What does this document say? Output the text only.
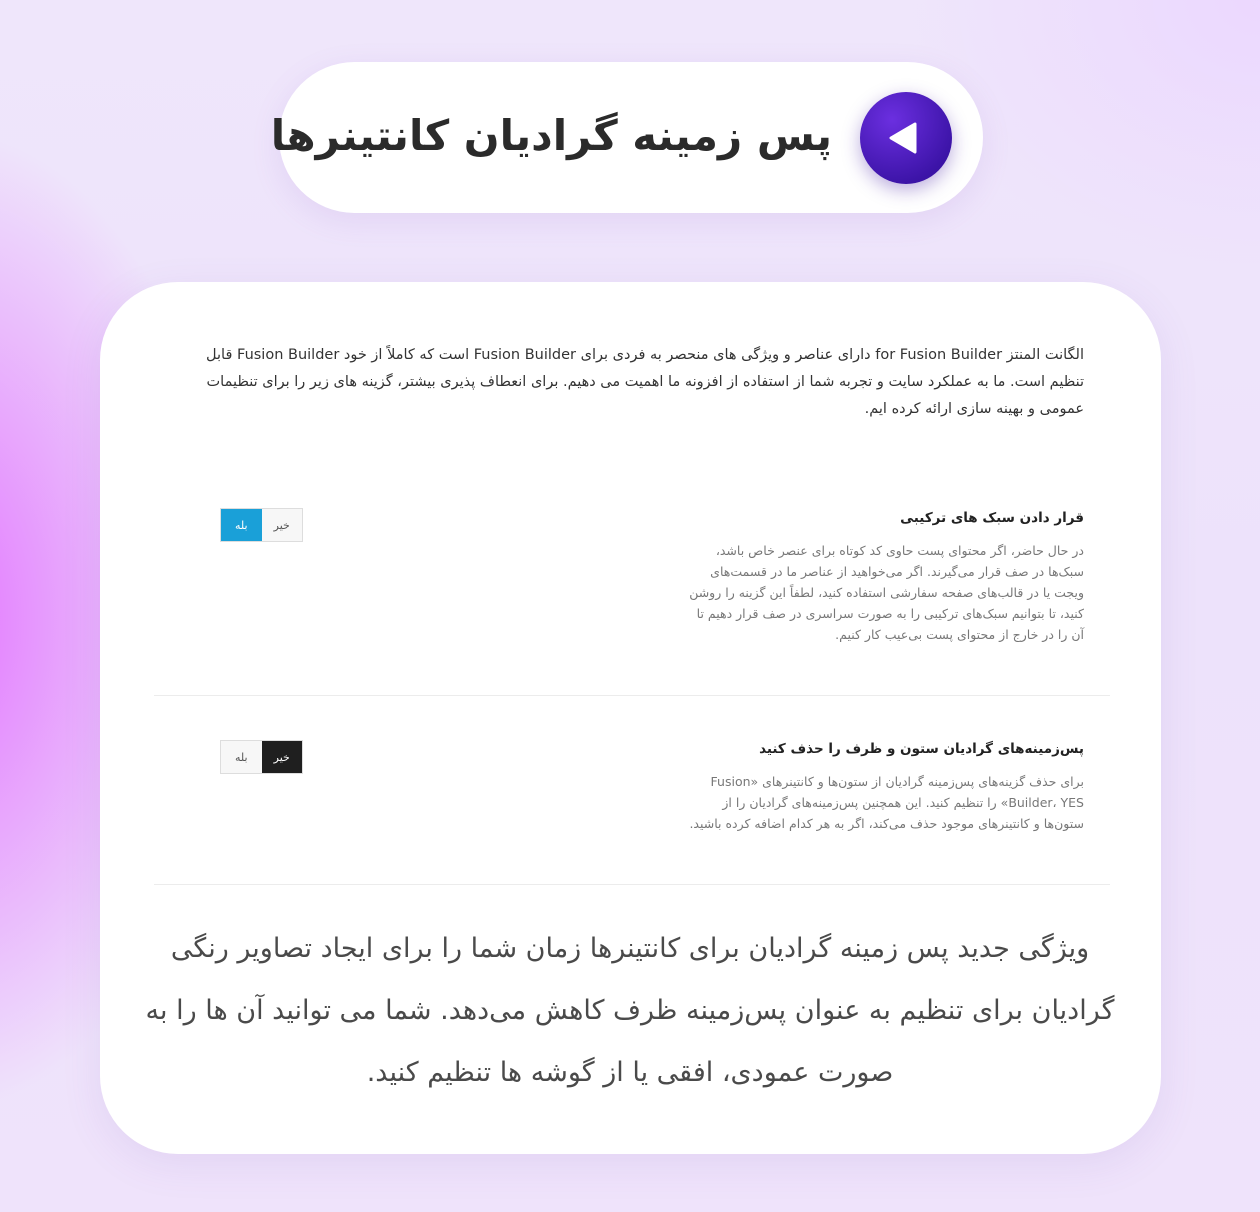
پس زمینه گرادیان کانتینرها
الگانت المنتز for Fusion Builder دارای عناصر و ویژگی های منحصر به فردی برای Fusion Builder است که کاملاً از خود Fusion Builder قابل تنظیم است. ما به عملکرد سایت و تجربه شما از استفاده از افزونه ما اهمیت می دهیم. برای انعطاف پذیری بیشتر، گزینه های زیر را برای تنظیمات عمومی و بهینه سازی ارائه کرده ایم.
قرار دادن سبک های ترکیبی
در حال حاضر، اگر محتوای پست حاوی کد کوتاه برای عنصر خاص باشد، سبک‌ها در صف قرار می‌گیرند. اگر می‌خواهید از عناصر ما در قسمت‌های ویجت یا در قالب‌های صفحه سفارشی استفاده کنید، لطفاً این گزینه را روشن کنید، تا بتوانیم سبک‌های ترکیبی را به صورت سراسری در صف قرار دهیم تا آن را در خارج از محتوای پست بی‌عیب کار کنیم.
بله	خیر
پس‌زمینه‌های گرادیان ستون و ظرف را حذف کنید
برای حذف گزینه‌های پس‌زمینه گرادیان از ستون‌ها و کانتینرهای «Fusion Builder، YES» را تنظیم کنید. این همچنین پس‌زمینه‌های گرادیان را از ستون‌ها و کانتینرهای موجود حذف می‌کند، اگر به هر کدام اضافه کرده باشید.
بله	خیر
ویژگی جدید پس زمینه گرادیان برای کانتینرها زمان شما را برای ایجاد تصاویر رنگی گرادیان برای تنظیم به عنوان پس‌زمینه ظرف کاهش می‌دهد. شما می توانید آن ها را به صورت عمودی، افقی یا از گوشه ها تنظیم کنید.
